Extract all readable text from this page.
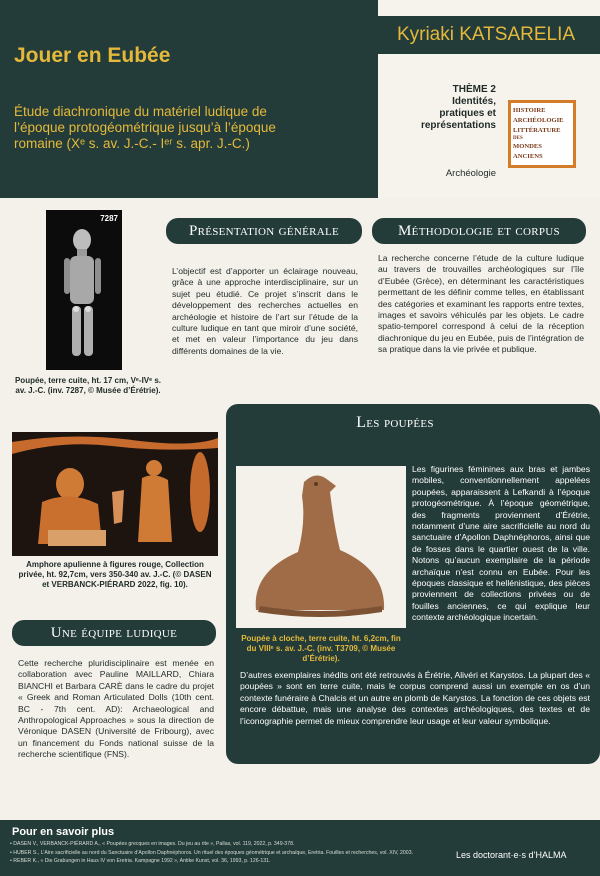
Kyriaki KATSARELIA
Jouer en Eubée
Étude diachronique du matériel ludique de l’époque protogéométrique jusqu’à l’époque romaine (Xᵉ s. av. J.-C.- Iᵉʳ s. apr. J.-C.)
THÈME 2
Identités,
pratiques et
représentations
HISTOIRE
ARCHÉOLOGIE
LITTÉRATURE
DES
MONDES
ANCIENS
Archéologie
7287
Poupée, terre cuite, ht. 17 cm, Vᵉ-IVᵉ s. av. J.-C. (inv. 7287, © Musée d’Érétrie).
Présentation générale
L’objectif est d’apporter un éclairage nouveau, grâce à une approche interdisciplinaire, sur un sujet peu étudié. Ce projet s’inscrit dans le développement des recherches actuelles en archéologie et histoire de l’art sur l’étude de la culture ludique en tant que miroir d’une société, et met en valeur l’importance du jeu dans différents domaines de la vie.
Méthodologie et corpus
La recherche concerne l’étude de la culture ludique au travers de trouvailles archéologiques sur l’île d’Eubée (Grèce), en déterminant les caractéristiques permettant de les définir comme telles, en établissant des catégories et examinant les rapports entre textes, images et savoirs véhiculés par les objets. Le cadre spatio-temporel correspond à celui de la réception diachronique du jeu en Eubée, puis de l’intégration de sa pratique dans la vie privée et publique.
Amphore apulienne à figures rouge, Collection privée, ht. 92,7cm, vers 350-340 av. J.-C. (© DASEN et VERBANCK-PIÉRARD 2022, fig. 10).
Les poupées
Poupée à cloche, terre cuite, ht. 6,2cm, fin du VIIIᵉ s. av. J.-C. (inv. T3709, © Musée d’Érétrie).
Les figurines féminines aux bras et jambes mobiles, conventionnellement appelées poupées, apparaissent à Lefkandi à l’époque protogéométrique. À l’époque géométrique, des fragments proviennent d’Érétrie, notamment d’une aire sacrificielle au nord du sanctuaire d’Apollon Daphnéphoros, ainsi que de fosses dans le quartier ouest de la ville. Notons qu’aucun exemplaire de la période archaïque n’est connu en Eubée. Pour les époques classique et hellénistique, des pièces proviennent de collections privées ou de fouilles anciennes, ce qui explique leur contexte archéologique incertain.
D’autres exemplaires inédits ont été retrouvés à Érétrie, Alivéri et Karystos. La plupart des « poupées » sont en terre cuite, mais le corpus comprend aussi un exemple en os d’un contexte funéraire à Chalcis et un autre en plomb de Karystos. La fonction de ces objets est encore débattue, mais une analyse des contextes archéologiques, des textes et de l’iconographie permet de mieux comprendre leur usage et leur valeur symbolique.
Une équipe ludique
Cette recherche pluridisciplinaire est menée en collaboration avec Pauline MAILLARD, Chiara BIANCHI et Barbara CARÈ dans le cadre du projet « Greek and Roman Articulated Dolls (10th cent. BC - 7th cent. AD): Archaeological and Anthropological Approaches » sous la direction de Véronique DASEN (Université de Fribourg), avec un financement du Fonds national suisse de la recherche scientifique (FNS).
Pour en savoir plus
• DASEN V., VERBANCK-PIÉRARD A., « Poupées grecques en images. Du jeu au rite », Pallas, vol. 119, 2022, p. 349-378.
• HUBER S., L’Aire sacrificielle au nord du Sanctuaire d’Apollon Daphnéphoros. Un rituel des époques géométrique et archaïque, Eretria. Fouilles et recherches, vol. XIV, 2003.
• REBER K., « Die Grabungen in Haus IV von Eretria. Kampagne 1992 », Antike Kunst, vol. 36, 1993, p. 126-131.
Les doctorant·e·s d’HALMA
